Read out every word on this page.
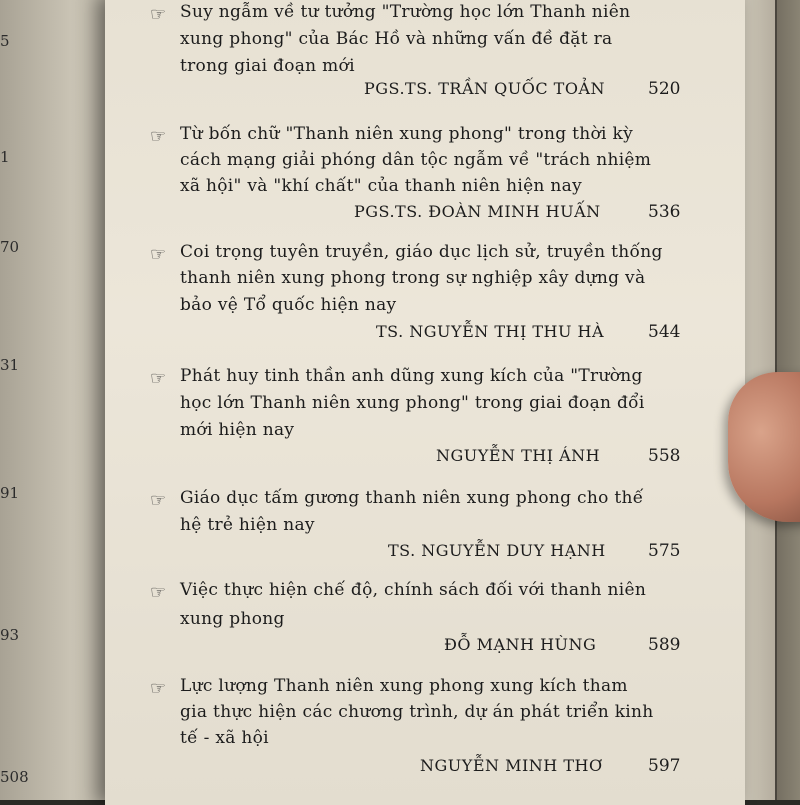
5
1
70
31
91
93
508
☞ Suy ngẫm về tư tưởng "Trường học lớn Thanh niên
xung phong" của Bác Hồ và những vấn đề đặt ra
trong giai đoạn mới
PGS.TS. TRẦN QUỐC TOẢN	520
☞ Từ bốn chữ "Thanh niên xung phong" trong thời kỳ
cách mạng giải phóng dân tộc ngẫm về "trách nhiệm
xã hội" và "khí chất" của thanh niên hiện nay
PGS.TS. ĐOÀN MINH HUẤN	536
☞ Coi trọng tuyên truyền, giáo dục lịch sử, truyền thống
thanh niên xung phong trong sự nghiệp xây dựng và
bảo vệ Tổ quốc hiện nay
TS. NGUYỄN THỊ THU HÀ	544
☞ Phát huy tinh thần anh dũng xung kích của "Trường
học lớn Thanh niên xung phong" trong giai đoạn đổi
mới hiện nay
NGUYỄN THỊ ÁNH	558
☞ Giáo dục tấm gương thanh niên xung phong cho thế
hệ trẻ hiện nay
TS. NGUYỄN DUY HẠNH 575
☞ Việc thực hiện chế độ, chính sách đối với thanh niên
xung phong
ĐỖ MẠNH HÙNG	589
☞ Lực lượng Thanh niên xung phong xung kích tham
gia thực hiện các chương trình, dự án phát triển kinh
tế - xã hội
NGUYỄN MINH THƠ	597
